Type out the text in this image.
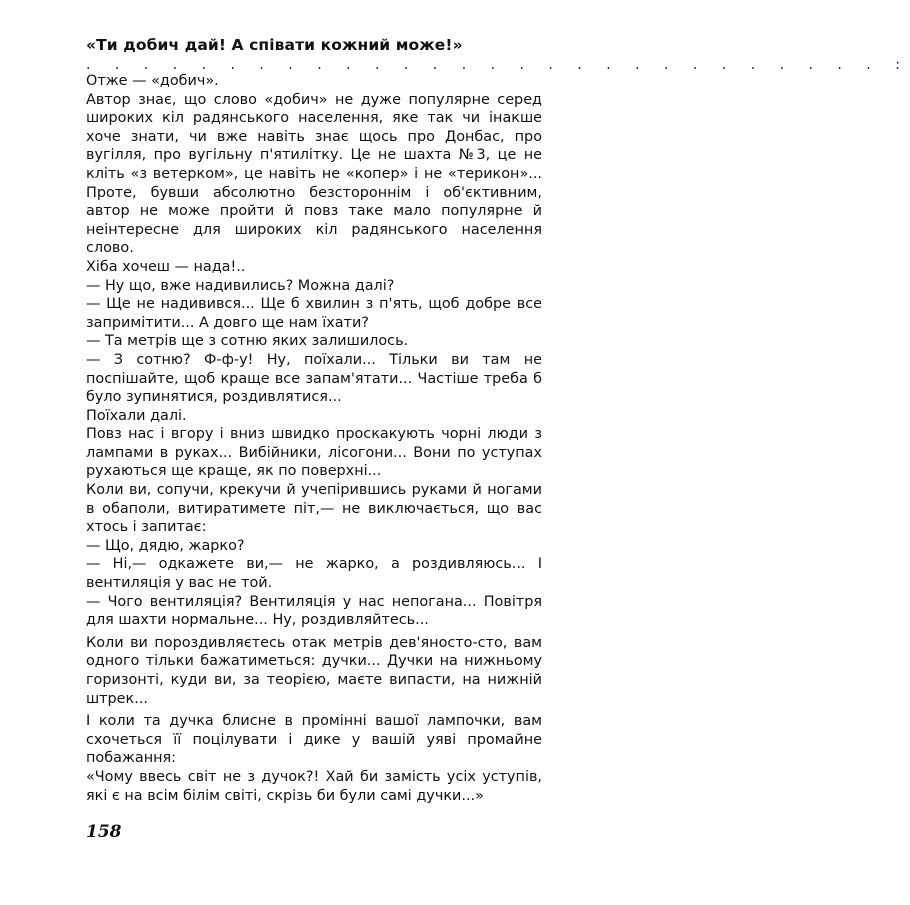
«Ти добич дай! А співати кожний може!»
. . . . . . . . . . . . . . . . . . . . . . . . . . . . :

Отже — «добич».

Автор знає, що слово «добич» не дуже популярне серед широких кіл радянського населення, яке так чи інакше хоче знати, чи вже навіть знає щось про Донбас, про вугілля, про вугільну п'ятилітку. Це не шахта №3, це не кліть «з ветерком», це навіть не «копер» і не «терикон»... Проте, бувши абсолютно безстороннім і об'єктивним, автор не може пройти й повз таке мало популярне й неінтересне для широких кіл радянського населення слово.

Хіба хочеш — нада!..

— Ну що, вже надивились? Можна далі?

— Ще не надивився... Ще б хвилин з п'ять, щоб добре все запримітити... А довго ще нам їхати?

— Та метрів ще з сотню яких залишилось.

— З сотню? Ф-ф-у! Ну, поїхали... Тільки ви там не поспішайте, щоб краще все запам'ятати... Частіше треба б було зупинятися, роздивлятися...

Поїхали далі.

Повз нас і вгору і вниз швидко проскакують чорні люди з лампами в руках... Вибійники, лісогони... Вони по уступах рухаються ще краще, як по поверхні...

Коли ви, сопучи, крекучи й учепірившись руками й ногами в обаполи, витиратимете піт,— не виключається, що вас хтось і запитає:

— Що, дядю, жарко?

— Ні,— одкажете ви,— не жарко, а роздивляюсь... І вентиляція у вас не той.

— Чого вентиляція? Вентиляція у нас непогана... Повітря для шахти нормальне... Ну, роздивляйтесь...

Коли ви пороздивляєтесь отак метрів дев'яносто-сто, вам одного тільки бажатиметься: дучки... Дучки на нижньому горизонті, куди ви, за теорією, маєте випасти, на нижній штрек...

І коли та дучка блисне в промінні вашої лампочки, вам схочеться її поцілувати і дике у вашій уяві промайне побажання:

«Чому ввесь світ не з дучок?! Хай би замість усіх уступів, які є на всім білім світі, скрізь би були самі дучки...»

158
